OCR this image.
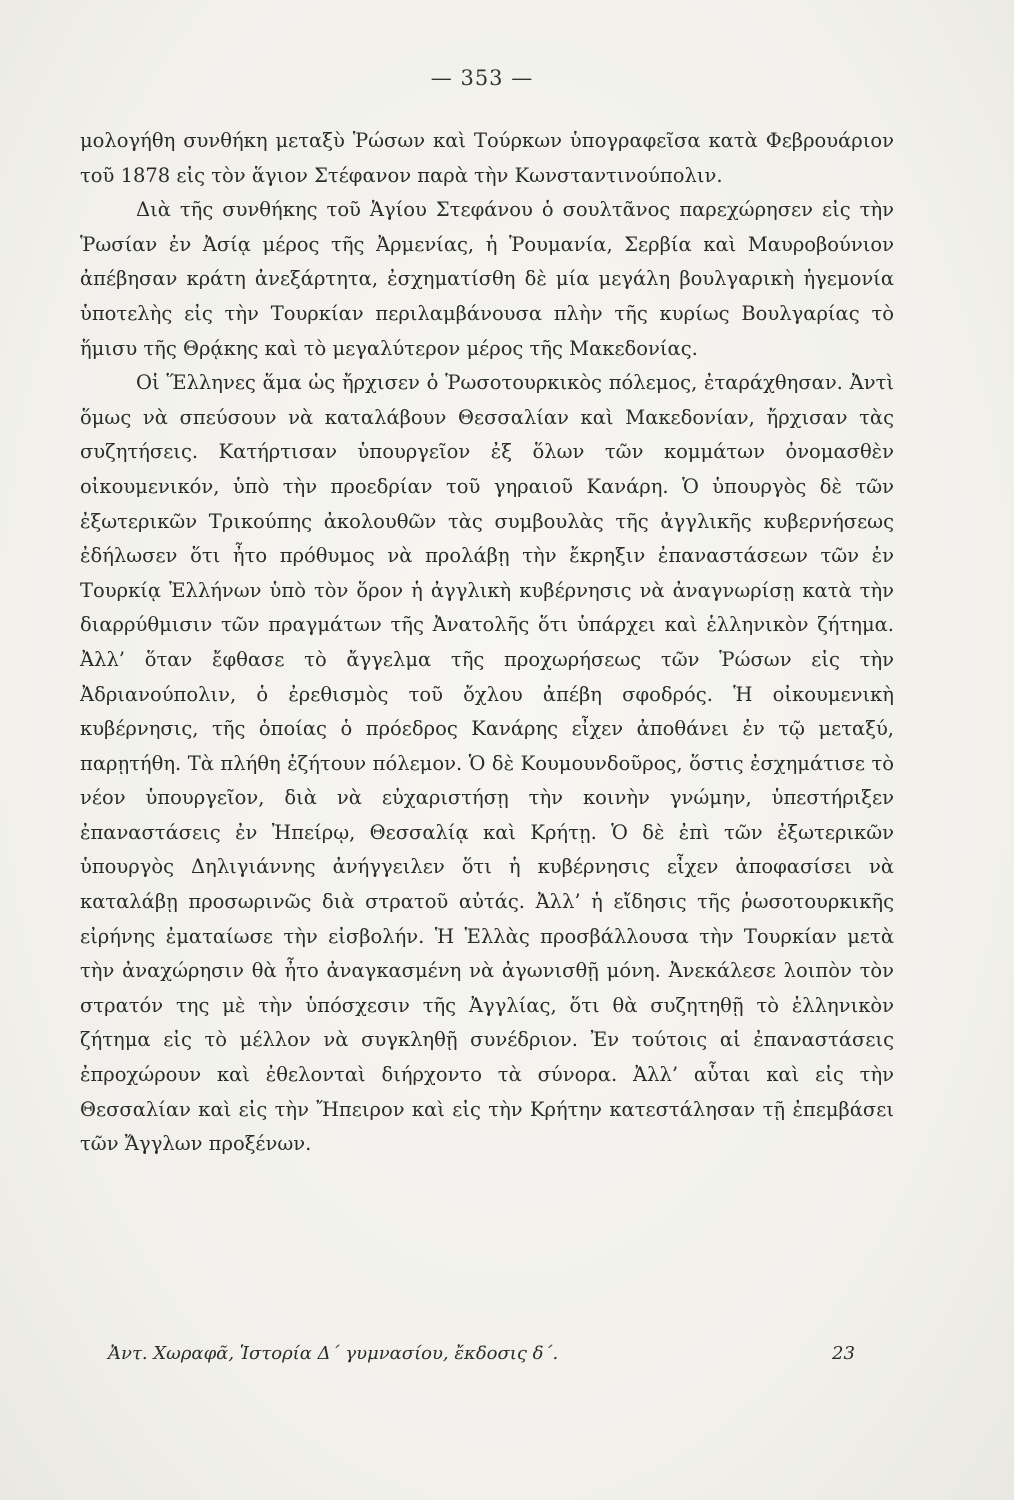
— 353 —

μολογήθη συνθήκη μεταξὺ Ῥώσων καὶ Τούρκων ὑπογραφεῖσα κατὰ Φεβρουάριον τοῦ 1878 εἰς τὸν ἅγιον Στέφανον παρὰ τὴν Κωνσταντινούπολιν.

Διὰ τῆς συνθήκης τοῦ Ἁγίου Στεφάνου ὁ σουλτᾶνος παρεχώρησεν εἰς τὴν Ῥωσίαν ἐν Ἀσίᾳ μέρος τῆς Ἀρμενίας, ἡ Ῥουμανία, Σερβία καὶ Μαυροβούνιον ἀπέβησαν κράτη ἀνεξάρτητα, ἐσχηματίσθη δὲ μία μεγάλη βουλγαρικὴ ἡγεμονία ὑποτελὴς εἰς τὴν Τουρκίαν περιλαμβάνουσα πλὴν τῆς κυρίως Βουλγαρίας τὸ ἥμισυ τῆς Θρᾴκης καὶ τὸ μεγαλύτερον μέρος τῆς Μακεδονίας.

Οἱ Ἕλληνες ἅμα ὡς ἤρχισεν ὁ Ῥωσοτουρκικὸς πόλεμος, ἐταράχθησαν. Ἀντὶ ὅμως νὰ σπεύσουν νὰ καταλάβουν Θεσσαλίαν καὶ Μακεδονίαν, ἤρχισαν τὰς συζητήσεις. Κατήρτισαν ὑπουργεῖον ἐξ ὅλων τῶν κομμάτων ὀνομασθὲν οἰκουμενικόν, ὑπὸ τὴν προεδρίαν τοῦ γηραιοῦ Κανάρη. Ὁ ὑπουργὸς δὲ τῶν ἐξωτερικῶν Τρικούπης ἀκολουθῶν τὰς συμβουλὰς τῆς ἀγγλικῆς κυβερνήσεως ἐδήλωσεν ὅτι ἦτο πρόθυμος νὰ προλάβῃ τὴν ἔκρηξιν ἐπαναστάσεων τῶν ἐν Τουρκίᾳ Ἑλλήνων ὑπὸ τὸν ὅρον ἡ ἀγγλικὴ κυβέρνησις νὰ ἀναγνωρίσῃ κατὰ τὴν διαρρύθμισιν τῶν πραγμάτων τῆς Ἀνατολῆς ὅτι ὑπάρχει καὶ ἑλληνικὸν ζήτημα. Ἀλλ’ ὅταν ἔφθασε τὸ ἄγγελμα τῆς προχωρήσεως τῶν Ῥώσων εἰς τὴν Ἀδριανούπολιν, ὁ ἐρεθισμὸς τοῦ ὄχλου ἀπέβη σφοδρός. Ἡ οἰκουμενικὴ κυβέρνησις, τῆς ὁποίας ὁ πρόεδρος Κανάρης εἶχεν ἀποθάνει ἐν τῷ μεταξύ, παρῃτήθη. Τὰ πλήθη ἐζήτουν πόλεμον. Ὁ δὲ Κουμουνδοῦρος, ὅστις ἐσχημάτισε τὸ νέον ὑπουργεῖον, διὰ νὰ εὐχαριστήσῃ τὴν κοινὴν γνώμην, ὑπεστήριξεν ἐπαναστάσεις ἐν Ἠπείρῳ, Θεσσαλίᾳ καὶ Κρήτῃ. Ὁ δὲ ἐπὶ τῶν ἐξωτερικῶν ὑπουργὸς Δηλιγιάννης ἀνήγγειλεν ὅτι ἡ κυβέρνησις εἶχεν ἀποφασίσει νὰ καταλάβῃ προσωρινῶς διὰ στρατοῦ αὐτάς. Ἀλλ’ ἡ εἴδησις τῆς ῥωσοτουρκικῆς εἰρήνης ἐματαίωσε τὴν εἰσβολήν. Ἡ Ἑλλὰς προσβάλλουσα τὴν Τουρκίαν μετὰ τὴν ἀναχώρησιν θὰ ἦτο ἀναγκασμένη νὰ ἀγωνισθῇ μόνη. Ἀνεκάλεσε λοιπὸν τὸν στρατόν της μὲ τὴν ὑπόσχεσιν τῆς Ἀγγλίας, ὅτι θὰ συζητηθῇ τὸ ἑλληνικὸν ζήτημα εἰς τὸ μέλλον νὰ συγκληθῇ συνέδριον. Ἐν τούτοις αἱ ἐπαναστάσεις ἐπροχώρουν καὶ ἐθελονταὶ διήρχοντο τὰ σύνορα. Ἀλλ’ αὗται καὶ εἰς τὴν Θεσσαλίαν καὶ εἰς τὴν Ἤπειρον καὶ εἰς τὴν Κρήτην κατεστάλησαν τῇ ἐπεμβάσει τῶν Ἄγγλων προξένων.

Ἀντ. Χωραφᾶ, Ἱστορία Δ΄ γυμνασίου, ἔκδοσις δ΄.	23
